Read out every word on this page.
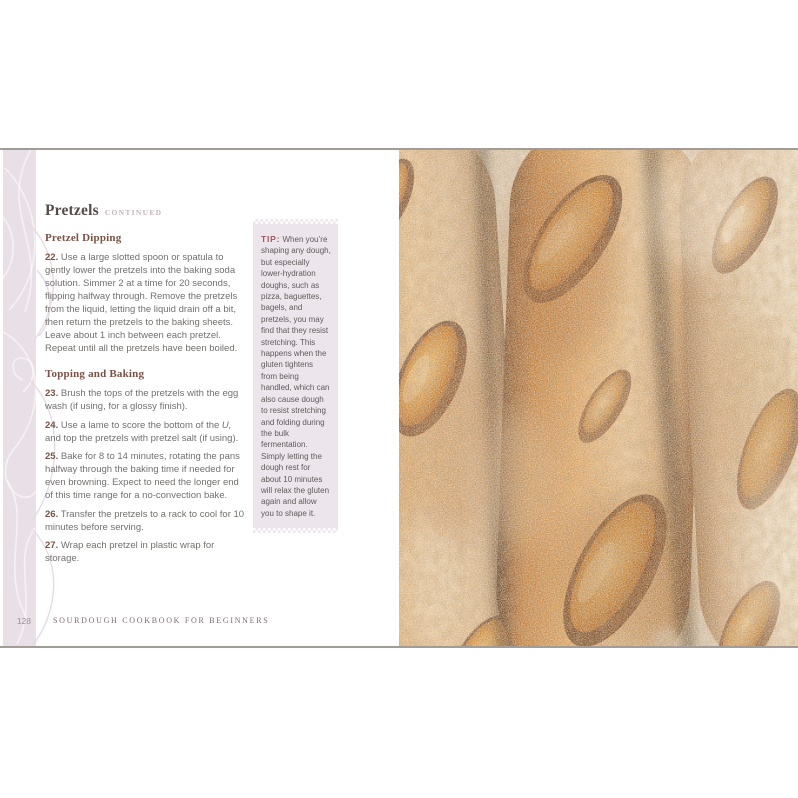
Pretzels CONTINUED
Pretzel Dipping

22. Use a large slotted spoon or spatula to gently lower the pretzels into the baking soda solution. Simmer 2 at a time for 20 seconds, flipping halfway through. Remove the pretzels from the liquid, letting the liquid drain off a bit, then return the pretzels to the baking sheets. Leave about 1 inch between each pretzel. Repeat until all the pretzels have been boiled.

Topping and Baking

23. Brush the tops of the pretzels with the egg wash (if using, for a glossy finish).

24. Use a lame to score the bottom of the U, and top the pretzels with pretzel salt (if using).

25. Bake for 8 to 14 minutes, rotating the pans halfway through the baking time if needed for even browning. Expect to need the longer end of this time range for a no-convection bake.

26. Transfer the pretzels to a rack to cool for 10 minutes before serving.

27. Wrap each pretzel in plastic wrap for storage.

TIP: When you’re shaping any dough, but especially lower-hydration doughs, such as pizza, baguettes, bagels, and pretzels, you may find that they resist stretching. This happens when the gluten tightens from being handled, which can also cause dough to resist stretching and folding during the bulk fermentation. Simply letting the dough rest for about 10 minutes will relax the gluten again and allow you to shape it.
128	SOURDOUGH COOKBOOK FOR BEGINNERS
